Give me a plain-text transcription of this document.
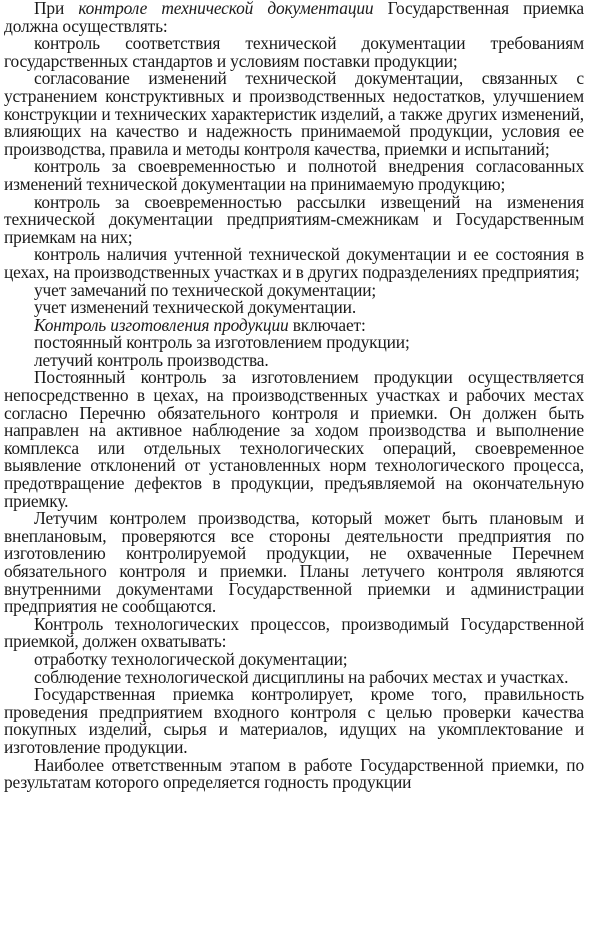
При контроле технической документации Государственная приемка должна осуществлять:

контроль соответствия технической документации требованиям государственных стандартов и условиям поставки продукции;

согласование изменений технической документации, связанных с устранением конструктивных и производственных недостатков, улучшением конструкции и технических характеристик изделий, а также других изменений, влияющих на качество и надежность принимаемой продукции, условия ее производства, правила и методы контроля качества, приемки и испытаний;

контроль за своевременностью и полнотой внедрения согласованных изменений технической документации на принимаемую продукцию;

контроль за своевременностью рассылки извещений на изменения технической документации предприятиям-смежникам и Государственным приемкам на них;

контроль наличия учтенной технической документации и ее состояния в цехах, на производственных участках и в других подразделениях предприятия;

учет замечаний по технической документации;

учет изменений технической документации.

Контроль изготовления продукции включает:

постоянный контроль за изготовлением продукции;

летучий контроль производства.

Постоянный контроль за изготовлением продукции осуществляется непосредственно в цехах, на производственных участках и рабочих местах согласно Перечню обязательного контроля и приемки. Он должен быть направлен на активное наблюдение за ходом производства и выполнение комплекса или отдельных технологических операций, своевременное выявление отклонений от установленных норм технологического процесса, предотвращение дефектов в продукции, предъявляемой на окончательную приемку.

Летучим контролем производства, который может быть плановым и внеплановым, проверяются все стороны деятельности предприятия по изготовлению контролируемой продукции, не охваченные Перечнем обязательного контроля и приемки. Планы летучего контроля являются внутренними документами Государственной приемки и администрации предприятия не сообщаются.

Контроль технологических процессов, производимый Государственной приемкой, должен охватывать:

отработку технологической документации;

соблюдение технологической дисциплины на рабочих местах и участках.

Государственная приемка контролирует, кроме того, правильность проведения предприятием входного контроля с целью проверки качества покупных изделий, сырья и материалов, идущих на укомплектование и изготовление продукции.

Наиболее ответственным этапом в работе Государственной приемки, по результатам которого определяется годность продукции
